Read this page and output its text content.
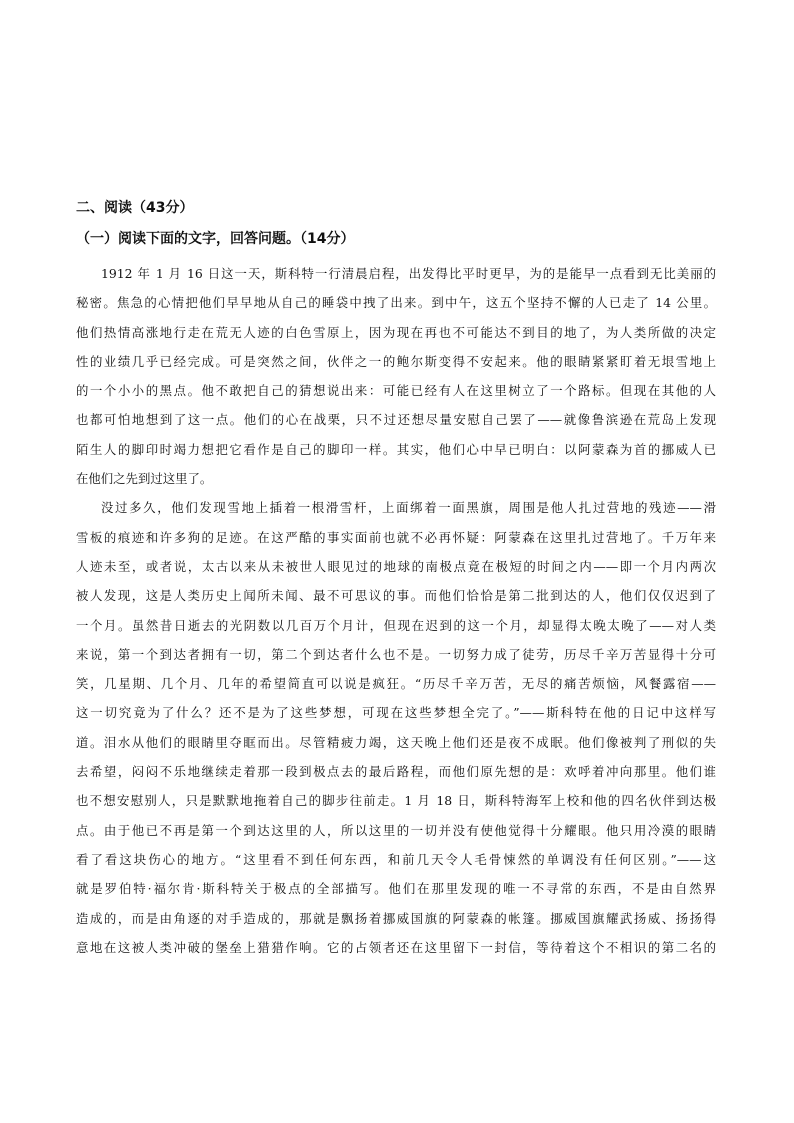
二、阅读（43分）
（一）阅读下面的文字，回答问题。（14分）
1912 年 1 月 16 日这一天，斯科特一行清晨启程，出发得比平时更早，为的是能早一点看到无比美丽的
秘密。焦急的心情把他们早早地从自己的睡袋中拽了出来。到中午，这五个坚持不懈的人已走了 14 公里。
他们热情高涨地行走在荒无人迹的白色雪原上，因为现在再也不可能达不到目的地了，为人类所做的决定
性的业绩几乎已经完成。可是突然之间，伙伴之一的鲍尔斯变得不安起来。他的眼睛紧紧盯着无垠雪地上
的一个小小的黑点。他不敢把自己的猜想说出来：可能已经有人在这里树立了一个路标。但现在其他的人
也都可怕地想到了这一点。他们的心在战栗，只不过还想尽量安慰自己罢了——就像鲁滨逊在荒岛上发现
陌生人的脚印时竭力想把它看作是自己的脚印一样。其实，他们心中早已明白：以阿蒙森为首的挪威人已
在他们之先到过这里了。
没过多久，他们发现雪地上插着一根滑雪杆，上面绑着一面黑旗，周围是他人扎过营地的残迹——滑
雪板的痕迹和许多狗的足迹。在这严酷的事实面前也就不必再怀疑：阿蒙森在这里扎过营地了。千万年来
人迹未至，或者说，太古以来从未被世人眼见过的地球的南极点竟在极短的时间之内——即一个月内两次
被人发现，这是人类历史上闻所未闻、最不可思议的事。而他们恰恰是第二批到达的人，他们仅仅迟到了
一个月。虽然昔日逝去的光阴数以几百万个月计，但现在迟到的这一个月，却显得太晚太晚了——对人类
来说，第一个到达者拥有一切，第二个到达者什么也不是。一切努力成了徒劳，历尽千辛万苦显得十分可
笑，几星期、几个月、几年的希望简直可以说是疯狂。“历尽千辛万苦，无尽的痛苦烦恼，风餐露宿——
这一切究竟为了什么？还不是为了这些梦想，可现在这些梦想全完了。”——斯科特在他的日记中这样写
道。泪水从他们的眼睛里夺眶而出。尽管精疲力竭，这天晚上他们还是夜不成眠。他们像被判了刑似的失
去希望，闷闷不乐地继续走着那一段到极点去的最后路程，而他们原先想的是：欢呼着冲向那里。他们谁
也不想安慰别人，只是默默地拖着自己的脚步往前走。1 月 18 日，斯科特海军上校和他的四名伙伴到达极
点。由于他已不再是第一个到达这里的人，所以这里的一切并没有使他觉得十分耀眼。他只用冷漠的眼睛
看了看这块伤心的地方。“这里看不到任何东西，和前几天令人毛骨悚然的单调没有任何区别。”——这
就是罗伯特·福尔肯·斯科特关于极点的全部描写。他们在那里发现的唯一不寻常的东西，不是由自然界
造成的，而是由角逐的对手造成的，那就是飘扬着挪威国旗的阿蒙森的帐篷。挪威国旗耀武扬威、扬扬得
意地在这被人类冲破的堡垒上猎猎作响。它的占领者还在这里留下一封信，等待着这个不相识的第二名的
